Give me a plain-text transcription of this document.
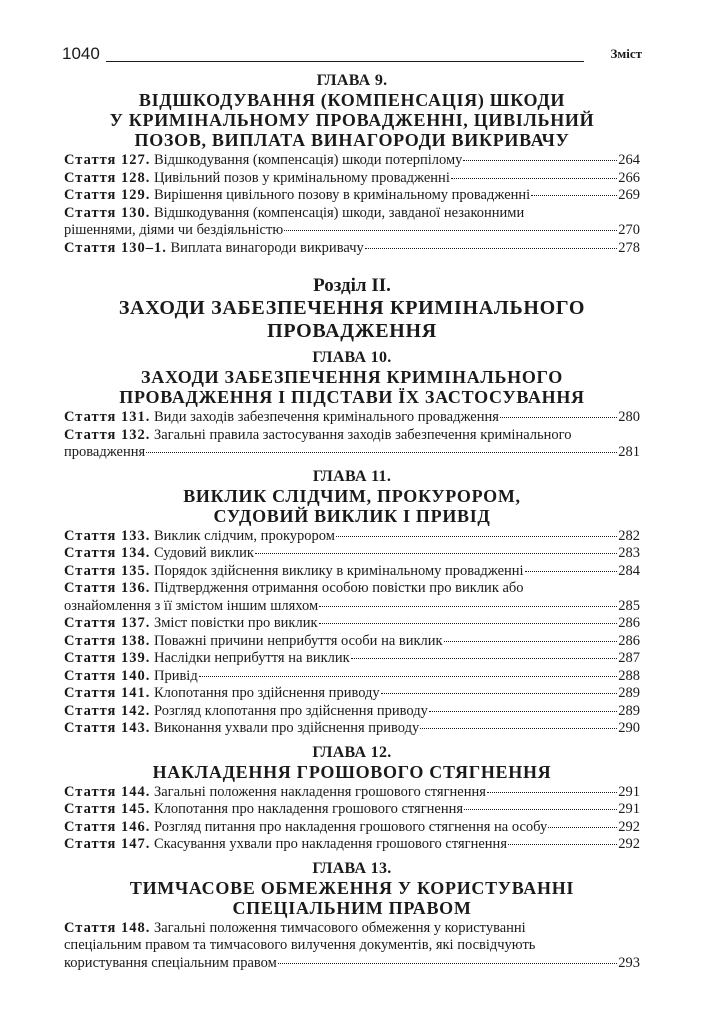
1040	Зміст
ГЛАВА 9.
ВІДШКОДУВАННЯ (КОМПЕНСАЦІЯ) ШКОДИ
У КРИМІНАЛЬНОМУ ПРОВАДЖЕННІ, ЦИВІЛЬНИЙ
ПОЗОВ, ВИПЛАТА ВИНАГОРОДИ ВИКРИВАЧУ
Стаття 127. Відшкодування (компенсація) шкоди потерпілому	264
Стаття 128. Цивільний позов у кримінальному провадженні	266
Стаття 129. Вирішення цивільного позову в кримінальному провадженні	269
Стаття 130. Відшкодування (компенсація) шкоди, завданої незаконними
рішеннями, діями чи бездіяльністю	270
Стаття 130–1. Виплата винагороди викривачу	278
Розділ II.
ЗАХОДИ ЗАБЕЗПЕЧЕННЯ КРИМІНАЛЬНОГО
ПРОВАДЖЕННЯ
ГЛАВА 10.
ЗАХОДИ ЗАБЕЗПЕЧЕННЯ КРИМІНАЛЬНОГО
ПРОВАДЖЕННЯ І ПІДСТАВИ ЇХ ЗАСТОСУВАННЯ
Стаття 131. Види заходів забезпечення кримінального провадження	280
Стаття 132. Загальні правила застосування заходів забезпечення кримінального
провадження	281
ГЛАВА 11.
ВИКЛИК СЛІДЧИМ, ПРОКУРОРОМ,
СУДОВИЙ ВИКЛИК І ПРИВІД
Стаття 133. Виклик слідчим, прокурором	282
Стаття 134. Судовий виклик	283
Стаття 135. Порядок здійснення виклику в кримінальному провадженні	284
Стаття 136. Підтвердження отримання особою повістки про виклик або
ознайомлення з її змістом іншим шляхом	285
Стаття 137. Зміст повістки про виклик	286
Стаття 138. Поважні причини неприбуття особи на виклик	286
Стаття 139. Наслідки неприбуття на виклик	287
Стаття 140. Привід	288
Стаття 141. Клопотання про здійснення приводу	289
Стаття 142. Розгляд клопотання про здійснення приводу	289
Стаття 143. Виконання ухвали про здійснення приводу	290
ГЛАВА 12.
НАКЛАДЕННЯ ГРОШОВОГО СТЯГНЕННЯ
Стаття 144. Загальні положення накладення грошового стягнення	291
Стаття 145. Клопотання про накладення грошового стягнення	291
Стаття 146. Розгляд питання про накладення грошового стягнення на особу	292
Стаття 147. Скасування ухвали про накладення грошового стягнення	292
ГЛАВА 13.
ТИМЧАСОВЕ ОБМЕЖЕННЯ У КОРИСТУВАННІ
СПЕЦІАЛЬНИМ ПРАВОМ
Стаття 148. Загальні положення тимчасового обмеження у користуванні
спеціальним правом та тимчасового вилучення документів, які посвідчують
користування спеціальним правом	293
